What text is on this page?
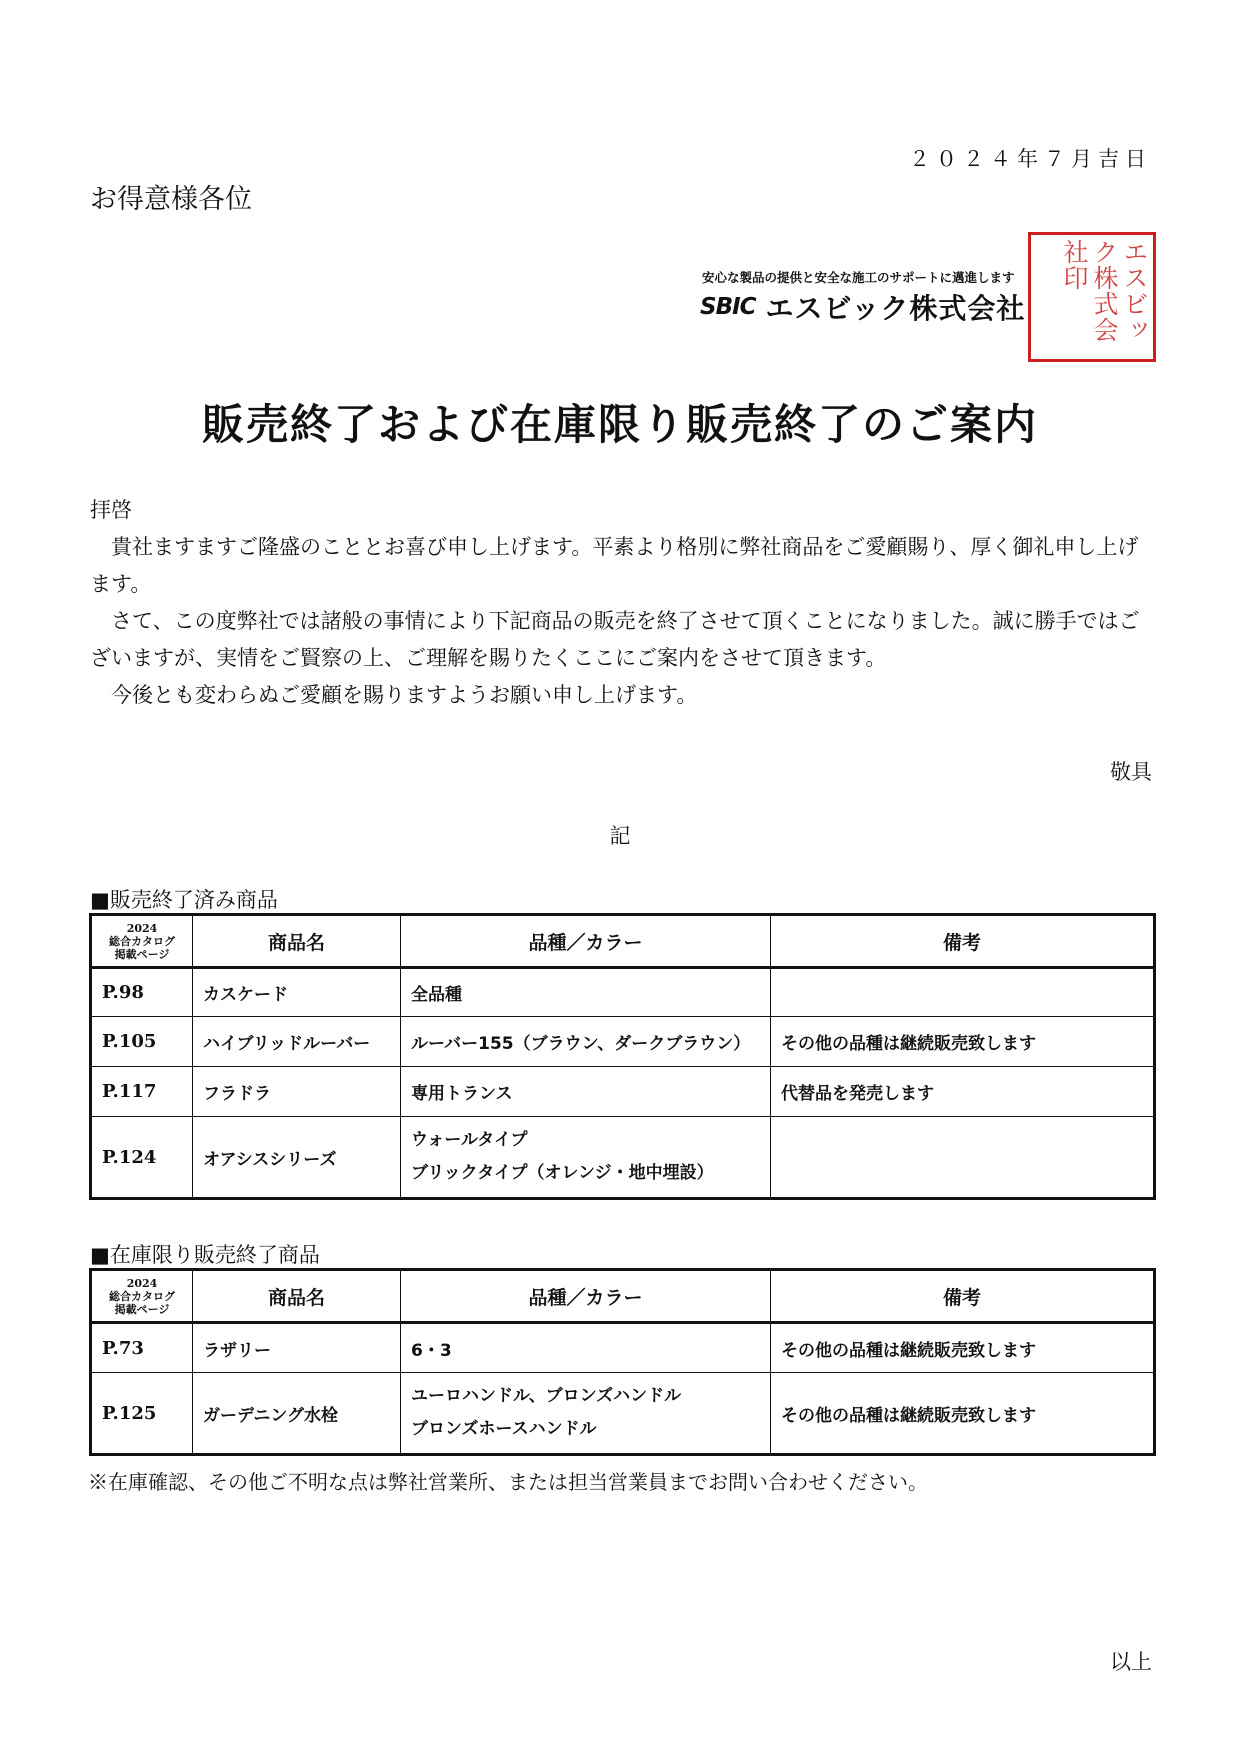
２０２４年７月吉日
お得意様各位
安心な製品の提供と安全な施工のサポートに邁進します
SBIC エスビック株式会社	エスビック株式会社印
販売終了および在庫限り販売終了のご案内

拝啓

貴社ますますご隆盛のこととお喜び申し上げます。平素より格別に弊社商品をご愛顧賜り、厚く御礼申し上げます。

さて、この度弊社では諸般の事情により下記商品の販売を終了させて頂くことになりました。誠に勝手ではございますが、実情をご賢察の上、ご理解を賜りたくここにご案内をさせて頂きます。

今後とも変わらぬご愛顧を賜りますようお願い申し上げます。

敬具
記
■販売終了済み商品
2024
総合カタログ
掲載ページ	商品名	品種／カラー	備考
P.98	カスケード	全品種	

P.105	ハイブリッドルーバー	ルーバー155（ブラウン、ダークブラウン）	その他の品種は継続販売致します
P.117	フラドラ	専用トランス	代替品を発売します
P.124	オアシスシリーズ	ウォールタイプ
ブリックタイプ（オレンジ・地中埋設）	

■在庫限り販売終了商品
2024
総合カタログ
掲載ページ	商品名	品種／カラー	備考
P.73	ラザリー	6・3	その他の品種は継続販売致します
P.125	ガーデニング水栓	ユーロハンドル、ブロンズハンドル
ブロンズホースハンドル	その他の品種は継続販売致します
※在庫確認、その他ご不明な点は弊社営業所、または担当営業員までお問い合わせください。
以上
